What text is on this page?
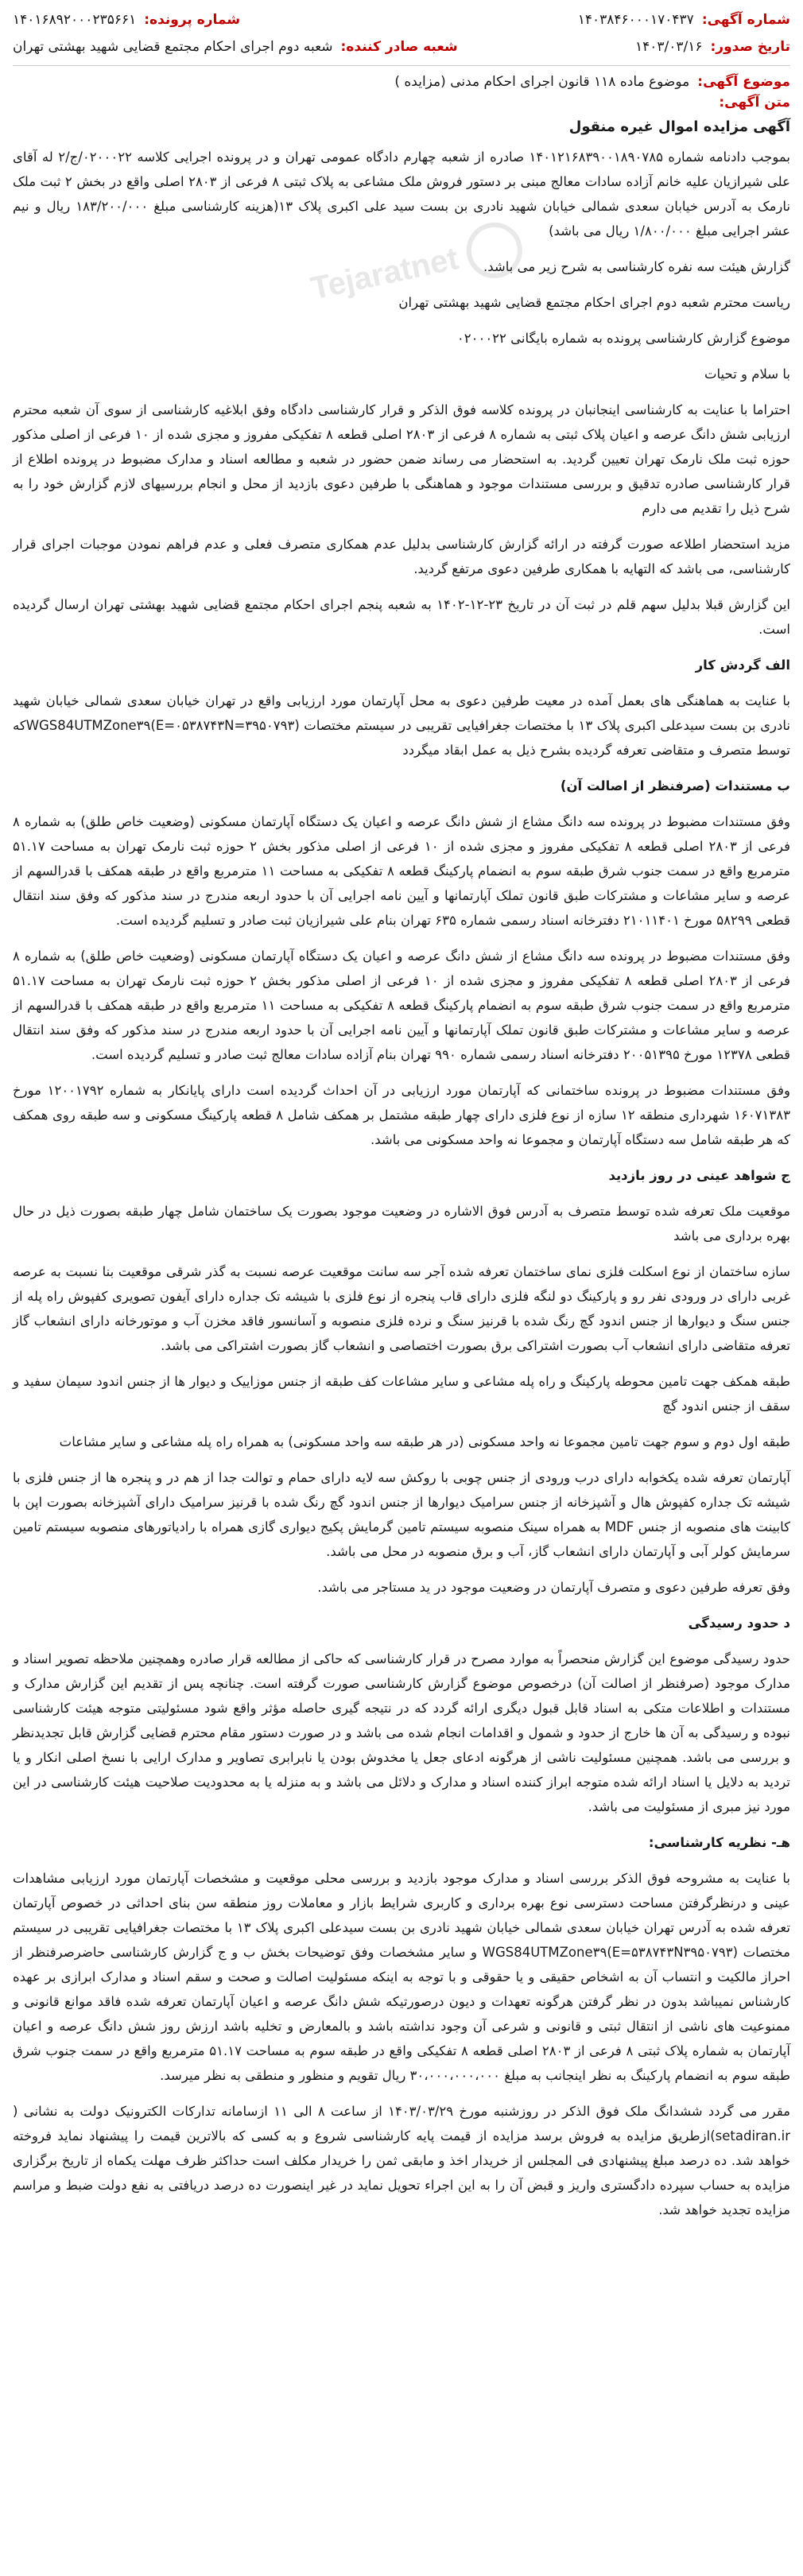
Tejaratnet
شماره آگهی:
۱۴۰۳۸۴۶۰۰۰۱۷۰۴۳۷
شماره پرونده:
۱۴۰۱۶۸۹۲۰۰۰۲۳۵۶۶۱
تاریخ صدور:
۱۴۰۳/۰۳/۱۶
شعبه صادر کننده:
شعبه دوم اجرای احکام مجتمع قضایی شهید بهشتی تهران
موضوع آگهی:
موضوع ماده ۱۱۸ قانون اجرای احکام مدنی (مزایده )
متن آگهی:
آگهی مزایده اموال غیره منقول

بموجب دادنامه شماره ۱۴۰۱۲۱۶۸۳۹۰۰۱۸۹۰۷۸۵ صادره از شعبه چهارم دادگاه عمومی تهران و در پرونده اجرایی کلاسه ۰۲۰۰۰۲۲/ج/۲ له آقای علی شیرازیان علیه خانم آزاده سادات معالج مبنی بر دستور فروش ملک مشاعی به پلاک ثبتی ۸ فرعی از ۲۸۰۳ اصلی واقع در بخش ۲ ثبت ملک نارمک به آدرس خیابان سعدی شمالی خیابان شهید نادری بن بست سید علی اکبری پلاک ۱۳(هزینه کارشناسی مبلغ ۱۸۳/۲۰۰/۰۰۰ ریال و نیم عشر اجرایی مبلغ ۱/۸۰۰/۰۰۰ ریال می باشد)

گزارش هیئت سه نفره کارشناسی به شرح زیر می باشد.

ریاست محترم شعبه دوم اجرای احکام مجتمع قضایی شهید بهشتی تهران

موضوع گزارش کارشناسی پرونده به شماره بایگانی ۰۲۰۰۰۲۲

با سلام و تحیات

احتراما با عنایت به کارشناسی اینجانبان در پرونده کلاسه فوق الذکر و قرار کارشناسی دادگاه وفق ابلاغیه کارشناسی از سوی آن شعبه محترم ارزیابی شش دانگ عرصه و اعیان پلاک ثبتی به شماره ۸ فرعی از ۲۸۰۳ اصلی قطعه ۸ تفکیکی مفروز و مجزی شده از ۱۰ فرعی از اصلی مذکور حوزه ثبت ملک نارمک تهران تعیین گردید. به استحضار می رساند ضمن حضور در شعبه و مطالعه اسناد و مدارک مضبوط در پرونده اطلاع از قرار کارشناسی صادره تدقیق و بررسی مستندات موجود و هماهنگی با طرفین دعوی بازدید از محل و انجام بررسیهای لازم گزارش خود را به شرح ذیل را تقدیم می دارم

مزید استحضار اطلاعه صورت گرفته در ارائه گزارش کارشناسی بدلیل عدم همکاری متصرف فعلی و عدم فراهم نمودن موجبات اجرای قرار کارشناسی، می باشد که التهایه با همکاری طرفین دعوی مرتفع گردید.

این گزارش قبلا بدلیل سهم قلم در ثبت آن در تاریخ ۲۳-۱۲-۱۴۰۲ به شعبه پنجم اجرای احکام مجتمع قضایی شهید بهشتی تهران ارسال گردیده است.

الف گردش کار

با عنایت به هماهنگی های بعمل آمده در معیت طرفین دعوی به محل آپارتمان مورد ارزیابی واقع در تهران خیابان سعدی شمالی خیابان شهید نادری بن بست سیدعلی اکبری پلاک ۱۳ با مختصات جغرافیایی تقریبی در سیستم مختصات (E=۰۵۳۸۷۴۳N=۳۹۵۰۷۹۳)WGS84UTMZone۳۹که توسط متصرف و متقاضی تعرفه گردیده بشرح ذیل به عمل ابقاد میگردد

ب مستندات (صرفنظر از اصالت آن)

وفق مستندات مضبوط در پرونده سه دانگ مشاع از شش دانگ عرصه و اعیان یک دستگاه آپارتمان مسکونی (وضعیت خاص طلق) به شماره ۸ فرعی از ۲۸۰۳ اصلی قطعه ۸ تفکیکی مفروز و مجزی شده از ۱۰ فرعی از اصلی مذکور بخش ۲ حوزه ثبت نارمک تهران به مساحت ۵۱.۱۷ مترمربع واقع در سمت جنوب شرق طبقه سوم به انضمام پارکینگ قطعه ۸ تفکیکی به مساحت ۱۱ مترمربع واقع در طبقه همکف با قدرالسهم از عرصه و سایر مشاعات و مشترکات طبق قانون تملک آپارتمانها و آیین نامه اجرایی آن با حدود اربعه مندرج در سند مذکور که وفق سند انتقال قطعی ۵۸۲۹۹ مورخ ۲۱۰۱۱۴۰۱ دفترخانه اسناد رسمی شماره ۶۳۵ تهران بنام علی شیرازیان ثبت صادر و تسلیم گردیده است.

وفق مستندات مضبوط در پرونده سه دانگ مشاع از شش دانگ عرصه و اعیان یک دستگاه آپارتمان مسکونی (وضعیت خاص طلق) به شماره ۸ فرعی از ۲۸۰۳ اصلی قطعه ۸ تفکیکی مفروز و مجزی شده از ۱۰ فرعی از اصلی مذکور بخش ۲ حوزه ثبت نارمک تهران به مساحت ۵۱.۱۷ مترمربع واقع در سمت جنوب شرق طبقه سوم به انضمام پارکینگ قطعه ۸ تفکیکی به مساحت ۱۱ مترمربع واقع در طبقه همکف با قدرالسهم از عرصه و سایر مشاعات و مشترکات طبق قانون تملک آپارتمانها و آیین نامه اجرایی آن با حدود اربعه مندرج در سند مذکور که وفق سند انتقال قطعی ۱۲۳۷۸ مورخ ۲۰۰۵۱۳۹۵ دفترخانه اسناد رسمی شماره ۹۹۰ تهران بنام آزاده سادات معالج ثبت صادر و تسلیم گردیده است.

وفق مستندات مضبوط در پرونده ساختمانی که آپارتمان مورد ارزیابی در آن احداث گردیده است دارای پایانکار به شماره ۱۲۰۰۱۷۹۲ مورخ ۱۶۰۷۱۳۸۳ شهرداری منطقه ۱۲ سازه از نوع فلزی دارای چهار طبقه مشتمل بر همکف شامل ۸ قطعه پارکینگ مسکونی و سه طبقه روی همکف که هر طبقه شامل سه دستگاه آپارتمان و مجموعا نه واحد مسکونی می باشد.

ج شواهد عینی در روز بازدید

موقعیت ملک تعرفه شده توسط متصرف به آدرس فوق الاشاره در وضعیت موجود بصورت یک ساختمان شامل چهار طبقه بصورت ذیل در حال بهره برداری می باشد

سازه ساختمان از نوع اسکلت فلزی نمای ساختمان تعرفه شده آجر سه سانت موقعیت عرصه نسبت به گذر شرقی موقعیت بنا نسبت به عرصه غربی دارای در ورودی نفر رو و پارکینگ دو لنگه فلزی دارای قاب پنجره از نوع فلزی با شیشه تک جداره دارای آیفون تصویری کفپوش راه پله از جنس سنگ و دیوارها از جنس اندود گچ رنگ شده با قرنیز سنگ و نرده فلزی منصوبه و آسانسور فاقد مخزن آب و موتورخانه دارای انشعاب گاز تعرفه متقاضی دارای انشعاب آب بصورت اشتراکی برق بصورت اختصاصی و انشعاب گاز بصورت اشتراکی می باشد.

طبقه همکف جهت تامین محوطه پارکینگ و راه پله مشاعی و سایر مشاعات کف طبقه از جنس موزاییک و دیوار ها از جنس اندود سیمان سفید و سقف از جنس اندود گچ

طبقه اول دوم و سوم جهت تامین مجموعا نه واحد مسکونی (در هر طبقه سه واحد مسکونی) به همراه راه پله مشاعی و سایر مشاعات

آپارتمان تعرفه شده یکخوابه دارای درب ورودی از جنس چوبی با روکش سه لایه دارای حمام و توالت جدا از هم در و پنجره ها از جنس فلزی با شیشه تک جداره کفپوش هال و آشپزخانه از جنس سرامیک دیوارها از جنس اندود گچ رنگ شده با قرنیز سرامیک دارای آشپزخانه بصورت اپن با کابینت های منصوبه از جنس MDF به همراه سینک منصوبه سیستم تامین گرمایش پکیج دیواری گازی همراه با رادیاتورهای منصوبه سیستم تامین سرمایش کولر آبی و آپارتمان دارای انشعاب گاز، آب و برق منصوبه در محل می باشد.

وفق تعرفه طرفین دعوی و متصرف آپارتمان در وضعیت موجود در ید مستاجر می باشد.

د حدود رسیدگی

حدود رسیدگی موضوع این گزارش منحصراً به موارد مصرح در قرار کارشناسی که حاکی از مطالعه قرار صادره وهمچنین ملاحظه تصویر اسناد و مدارک موجود (صرفنظر از اصالت آن) درخصوص موضوع گزارش کارشناسی صورت گرفته است. چنانچه پس از تقدیم این گزارش مدارک و مستندات و اطلاعات متکی به اسناد قابل قبول دیگری ارائه گردد که در نتیجه گیری حاصله مؤثر واقع شود مسئولیتی متوجه هیئت کارشناسی نبوده و رسیدگی به آن ها خارج از حدود و شمول و اقدامات انجام شده می باشد و در صورت دستور مقام محترم قضایی گزارش قابل تجدیدنظر و بررسی می باشد. همچنین مسئولیت ناشی از هرگونه ادعای جعل یا مخدوش بودن یا نابرابری تصاویر و مدارک ارایی با نسخ اصلی انکار و یا تردید به دلایل یا اسناد ارائه شده متوجه ابراز کننده اسناد و مدارک و دلائل می باشد و به منزله یا به محدودیت صلاحیت هیئت کارشناسی در این مورد نیز مبری از مسئولیت می باشد.

هـ- نظریه کارشناسی:

با عنایت به مشروحه فوق الذکر بررسی اسناد و مدارک موجود بازدید و بررسی محلی موقعیت و مشخصات آپارتمان مورد ارزیابی مشاهدات عینی و درنظرگرفتن مساحت دسترسی نوع بهره برداری و کاربری شرایط بازار و معاملات روز منطقه سن بنای احداثی در خصوص آپارتمان تعرفه شده به آدرس تهران خیابان سعدی شمالی خیابان شهید نادری بن بست سیدعلی اکبری پلاک ۱۳ با مختصات جغرافیایی تقریبی در سیستم مختصات (E=۵۳۸۷۴۳N۳۹۵۰۷۹۳)WGS84UTMZone۳۹ و سایر مشخصات وفق توضیحات بخش ب و ج گزارش کارشناسی حاضرصرفنظر از احراز مالکیت و انتساب آن به اشخاص حقیقی و یا حقوقی و با توجه به اینکه مسئولیت اصالت و صحت و سقم اسناد و مدارک ابرازی بر عهده کارشناس نمیباشد بدون در نظر گرفتن هرگونه تعهدات و دیون درصورتیکه شش دانگ عرصه و اعیان آپارتمان تعرفه شده فاقد موانع قانونی و ممنوعیت های ناشی از انتقال ثبتی و قانونی و شرعی آن وجود نداشته باشد و بالمعارض و تخلیه باشد ارزش روز شش دانگ عرصه و اعیان آپارتمان به شماره پلاک ثبتی ۸ فرعی از ۲۸۰۳ اصلی قطعه ۸ تفکیکی واقع در طبقه سوم به مساحت ۵۱.۱۷ مترمربع واقع در سمت جنوب شرق طبقه سوم به انضمام پارکینگ به نظر اینجانب به مبلغ ۳۰،۰۰۰،۰۰۰،۰۰۰ ریال تقویم و منظور و منطقی به نظر میرسد.

مقرر می گردد ششدانگ ملک فوق الذکر در روزشنبه مورخ ۱۴۰۳/۰۳/۲۹ از ساعت ۸ الی ۱۱ ازسامانه تدارکات الکترونیک دولت به نشانی ( setadiran.ir)ازطریق مزایده به فروش برسد مزایده از قیمت پایه کارشناسی شروع و به کسی که بالاترین قیمت را پیشنهاد نماید فروخته خواهد شد. ده درصد مبلغ پیشنهادی فی المجلس از خریدار اخذ و مابقی ثمن را خریدار مکلف است حداکثر ظرف مهلت یکماه از تاریخ برگزاری مزایده به حساب سپرده دادگستری واریز و قبض آن را به این اجراء تحویل نماید در غیر اینصورت ده درصد دریافتی به نفع دولت ضبط و مراسم مزایده تجدید خواهد شد.
